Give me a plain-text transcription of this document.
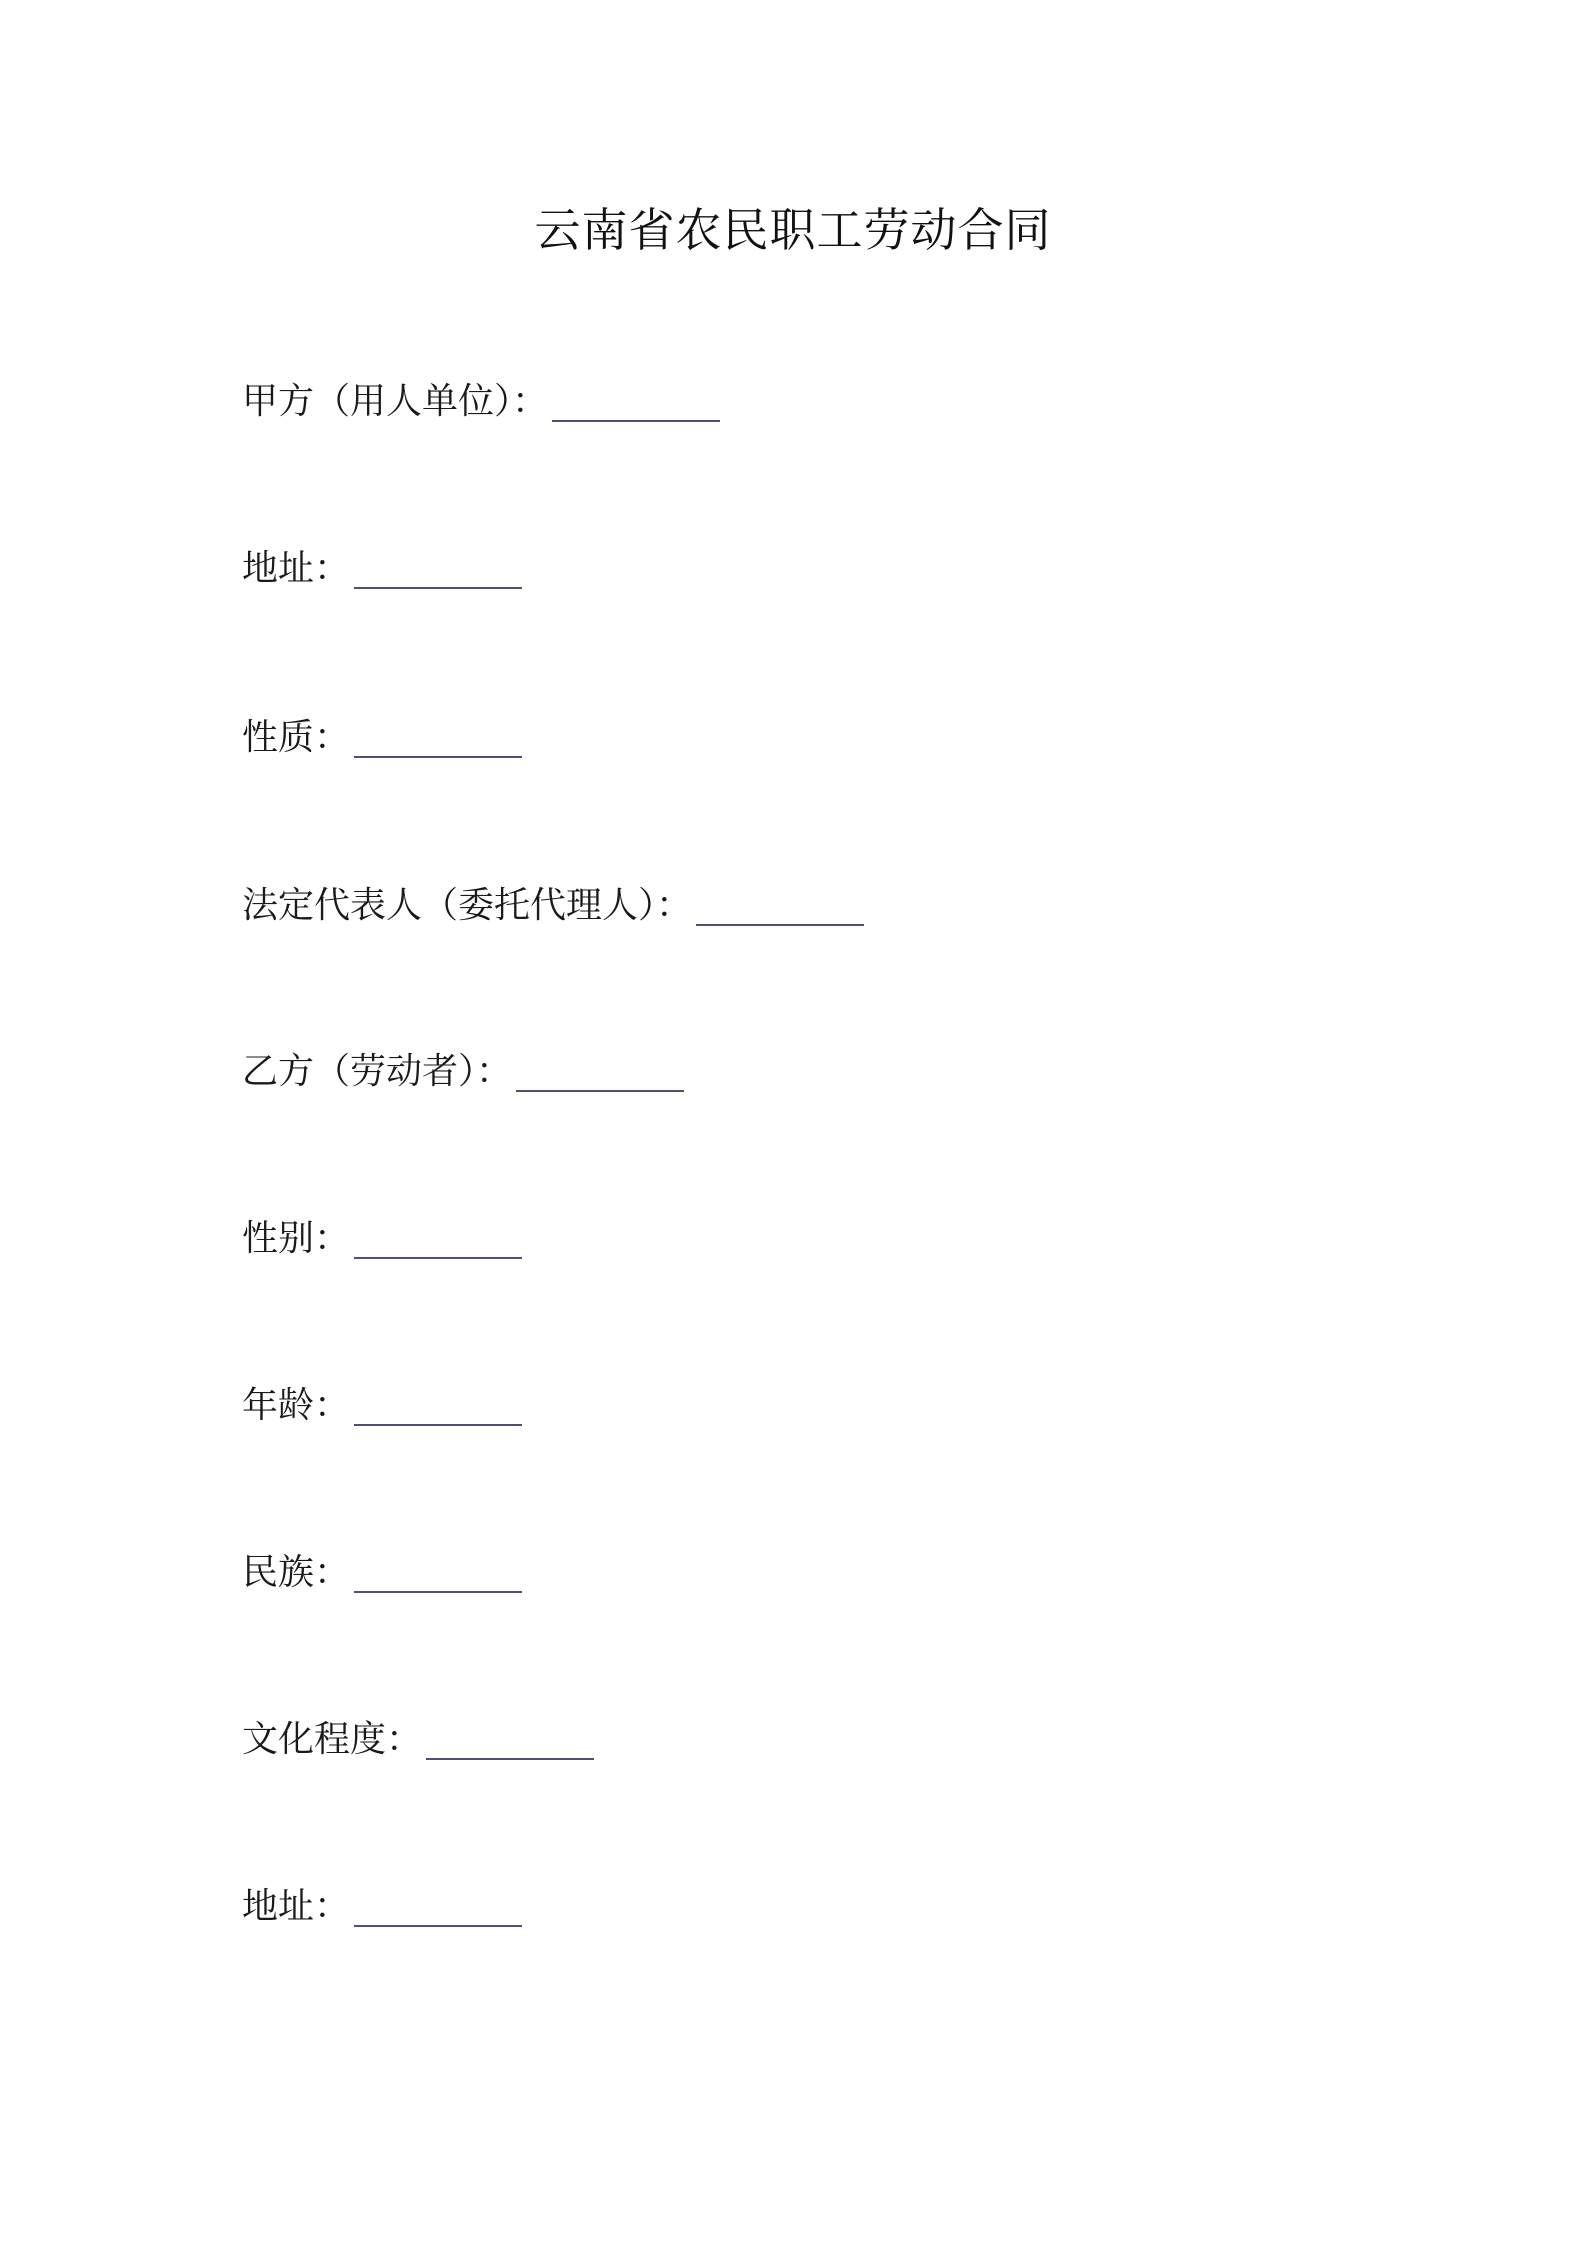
云南省农民职工劳动合同
甲方（用人单位）：
地址：
性质：
法定代表人（委托代理人）：
乙方（劳动者）：
性别：
年龄：
民族：
文化程度：
地址：
